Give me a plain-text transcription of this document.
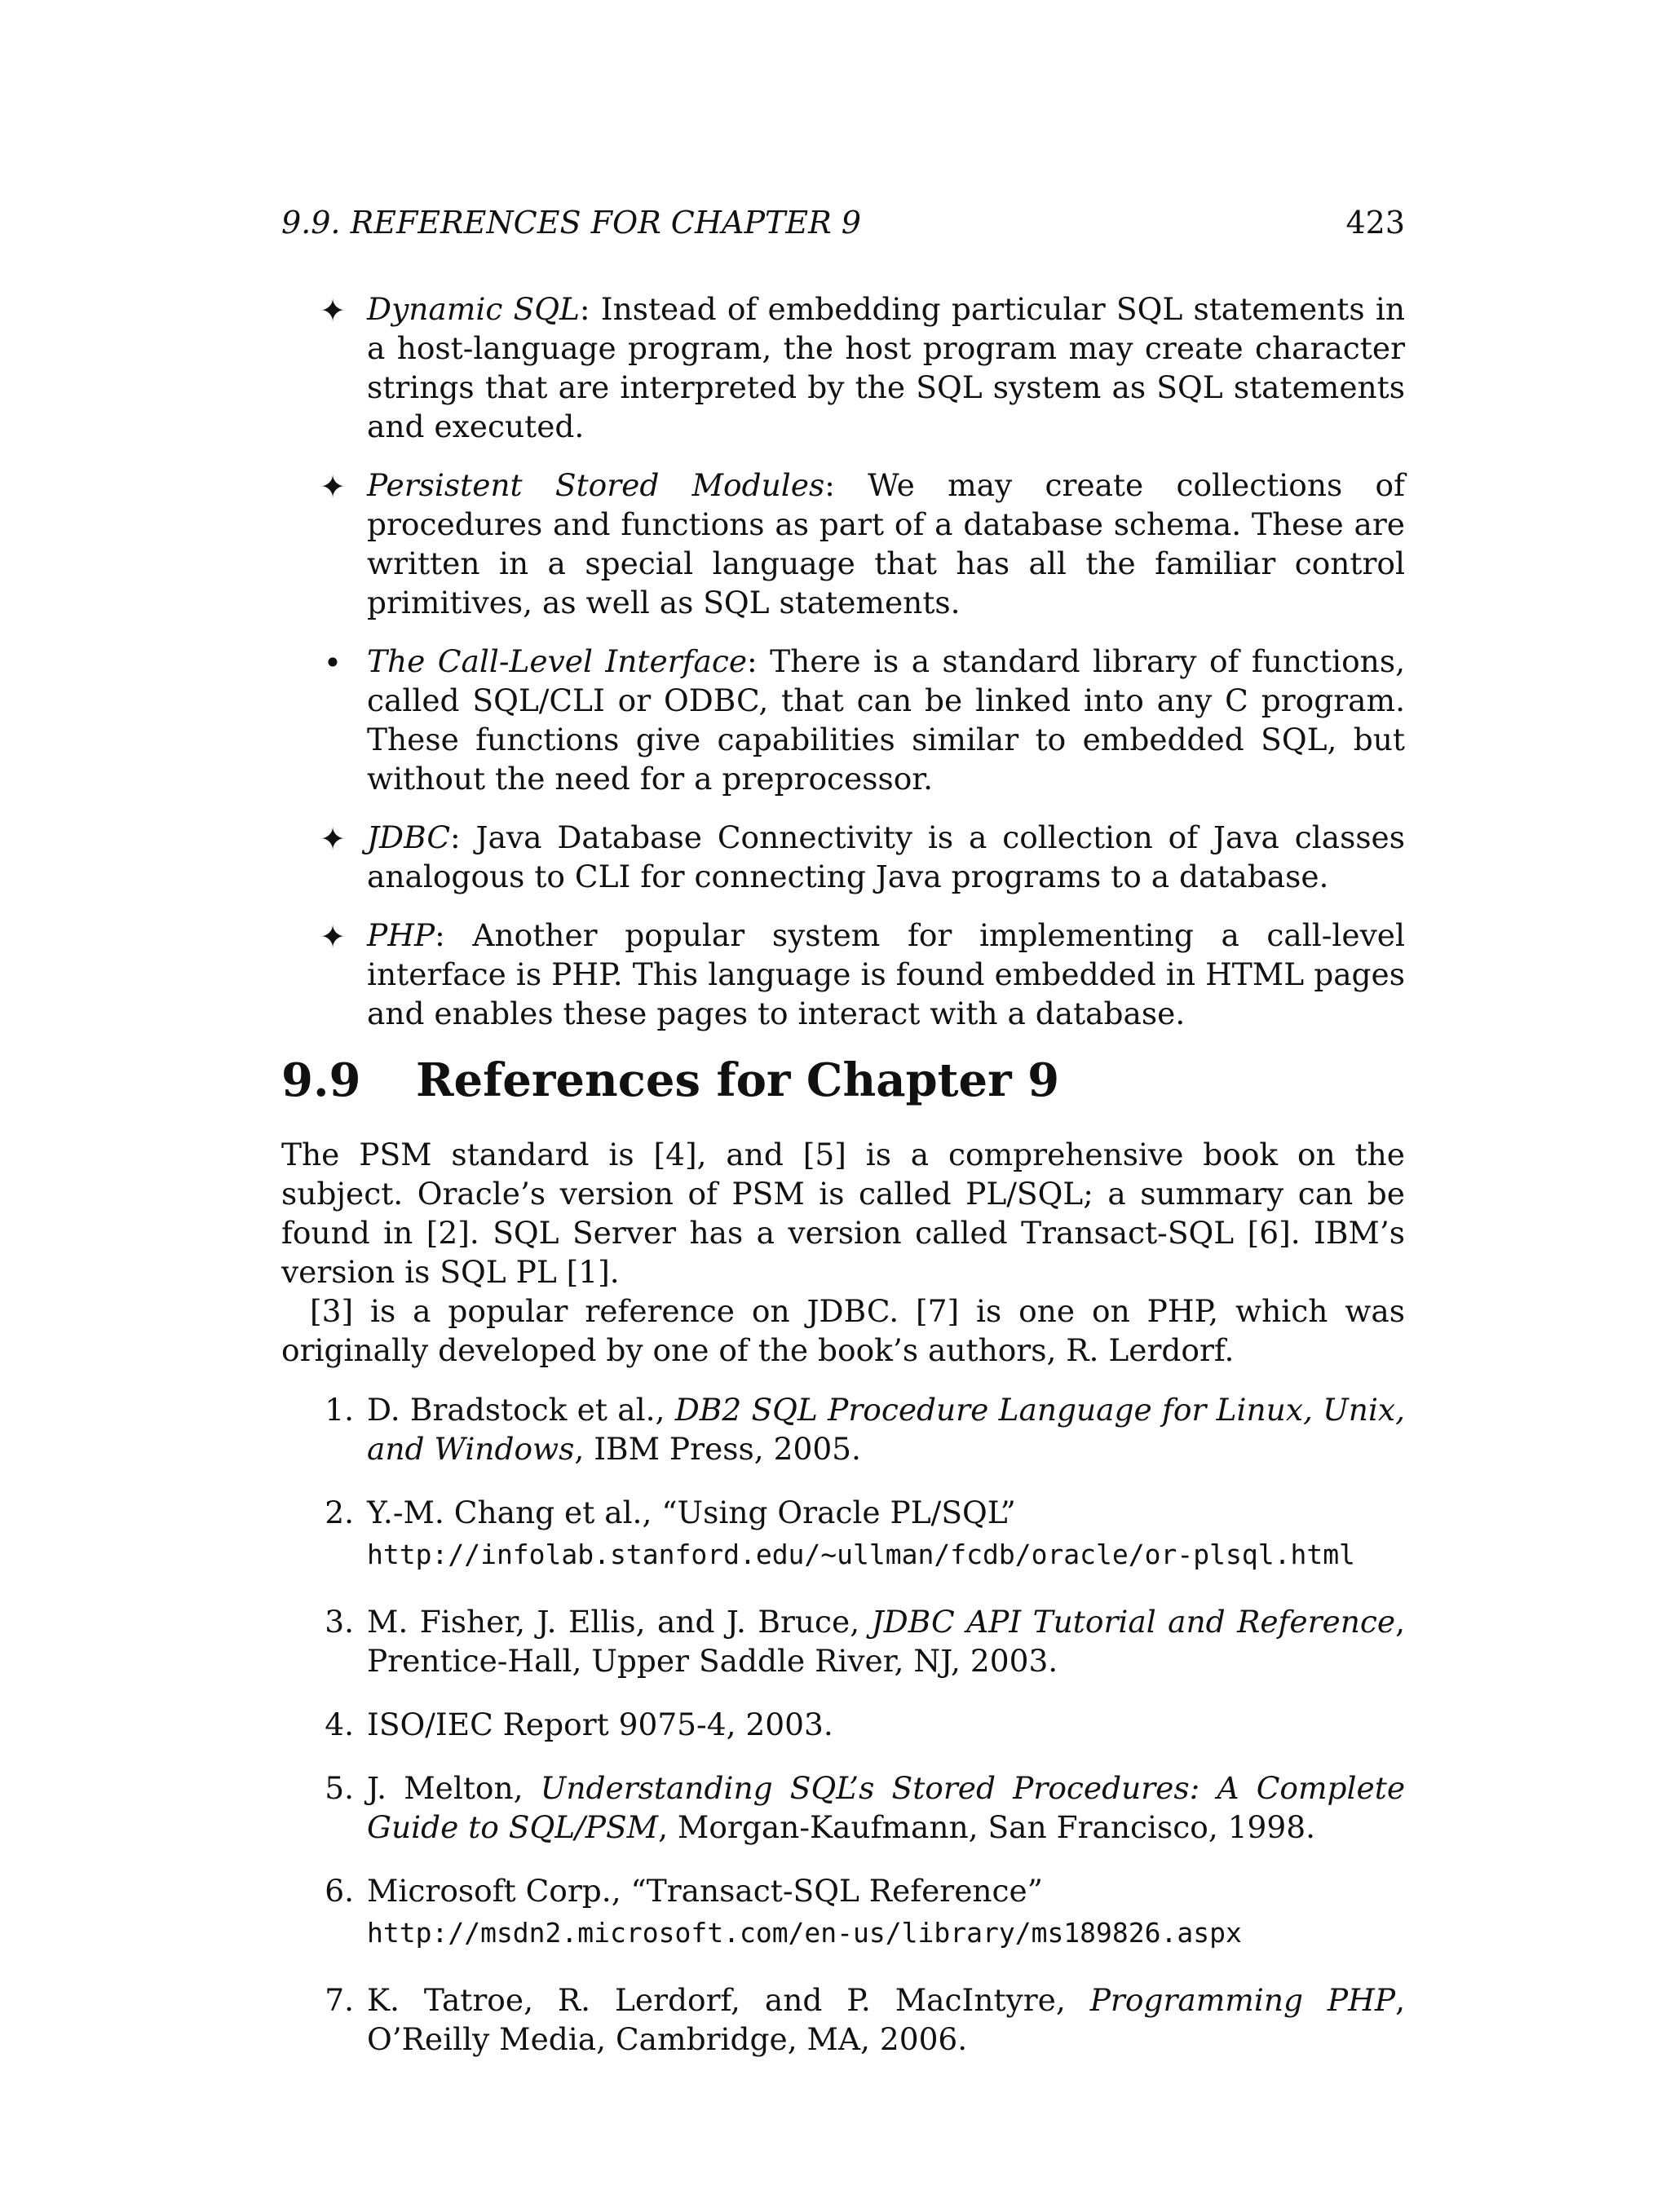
9.9. REFERENCES FOR CHAPTER 9	423
✦ Dynamic SQL: Instead of embedding particular SQL statements in a host-language program, the host program may create character strings that are interpreted by the SQL system as SQL statements and executed.

✦ Persistent Stored Modules: We may create collections of procedures and functions as part of a database schema. These are written in a special language that has all the familiar control primitives, as well as SQL statements.

• The Call-Level Interface: There is a standard library of functions, called SQL/CLI or ODBC, that can be linked into any C program. These functions give capabilities similar to embedded SQL, but without the need for a preprocessor.

✦ JDBC: Java Database Connectivity is a collection of Java classes analogous to CLI for connecting Java programs to a database.

✦ PHP: Another popular system for implementing a call-level interface is PHP. This language is found embedded in HTML pages and enables these pages to interact with a database.

9.9 References for Chapter 9

The PSM standard is [4], and [5] is a comprehensive book on the subject. Oracle’s version of PSM is called PL/SQL; a summary can be found in [2]. SQL Server has a version called Transact-SQL [6]. IBM’s version is SQL PL [1].

[3] is a popular reference on JDBC. [7] is one on PHP, which was originally developed by one of the book’s authors, R. Lerdorf.

1. D. Bradstock et al., DB2 SQL Procedure Language for Linux, Unix, and Windows, IBM Press, 2005.

2. Y.-M. Chang et al., “Using Oracle PL/SQL”
http://infolab.stanford.edu/~ullman/fcdb/oracle/or-plsql.html

3. M. Fisher, J. Ellis, and J. Bruce, JDBC API Tutorial and Reference, Prentice-Hall, Upper Saddle River, NJ, 2003.

4. ISO/IEC Report 9075-4, 2003.

5. J. Melton, Understanding SQL’s Stored Procedures: A Complete Guide to SQL/PSM, Morgan-Kaufmann, San Francisco, 1998.

6. Microsoft Corp., “Transact-SQL Reference”
http://msdn2.microsoft.com/en-us/library/ms189826.aspx

7. K. Tatroe, R. Lerdorf, and P. MacIntyre, Programming PHP, O’Reilly Media, Cambridge, MA, 2006.
